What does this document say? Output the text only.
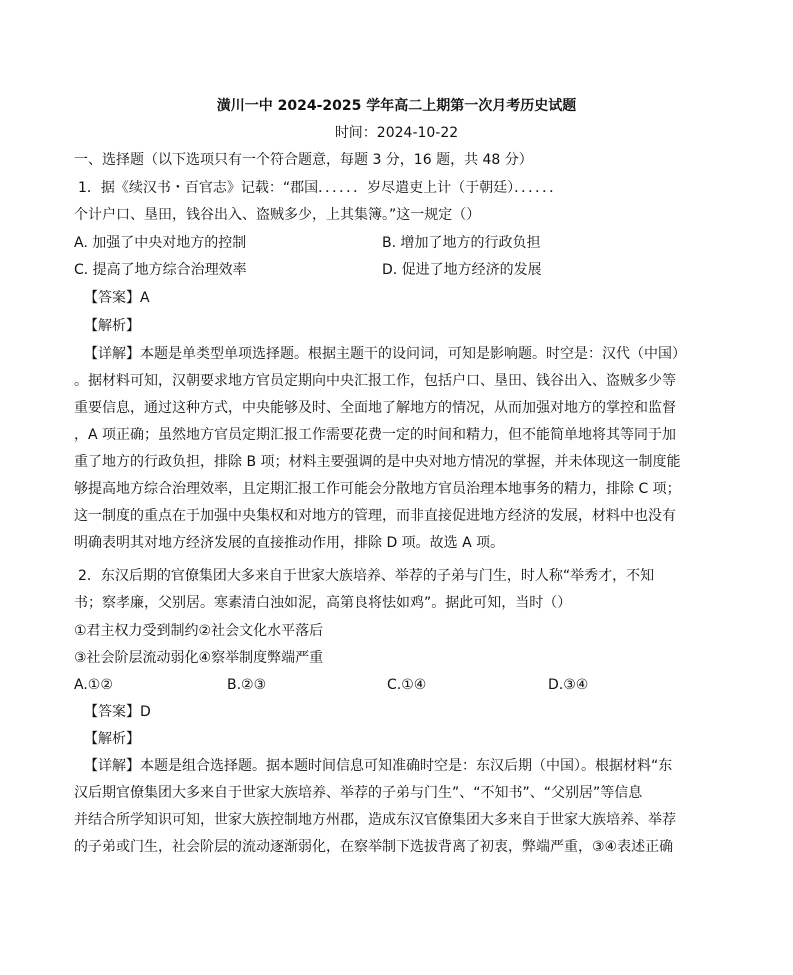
潢川一中 2024-2025 学年高二上期第一次月考历史试题
时间：2024-10-22
一、选择题（以下选项只有一个符合题意，每题 3 分，16 题，共 48 分）
1．据《续汉书・百官志》记载：“郡国．．．．．．岁尽遣吏上计（于朝廷）．．．．．．
个计户口、垦田，钱谷出入、盗贼多少，上其集簿。”这一规定（）
A. 加强了中央对地方的控制	B. 增加了地方的行政负担
C. 提高了地方综合治理效率	D. 促进了地方经济的发展
【答案】A
【解析】
【详解】本题是单类型单项选择题。根据主题干的设问词，可知是影响题。时空是：汉代（中国）
。据材料可知，汉朝要求地方官员定期向中央汇报工作，包括户口、垦田、钱谷出入、盗贼多少等
重要信息，通过这种方式，中央能够及时、全面地了解地方的情况，从而加强对地方的掌控和监督
，A 项正确；虽然地方官员定期汇报工作需要花费一定的时间和精力，但不能简单地将其等同于加
重了地方的行政负担，排除 B 项；材料主要强调的是中央对地方情况的掌握，并未体现这一制度能
够提高地方综合治理效率，且定期汇报工作可能会分散地方官员治理本地事务的精力，排除 C 项；
这一制度的重点在于加强中央集权和对地方的管理，而非直接促进地方经济的发展，材料中也没有
明确表明其对地方经济发展的直接推动作用，排除 D 项。故选 A 项。
2．东汉后期的官僚集团大多来自于世家大族培养、举荐的子弟与门生，时人称“举秀才，不知
书；察孝廉，父别居。寒素清白浊如泥，高第良将怯如鸡”。据此可知，当时（）
①君主权力受到制约②社会文化水平落后
③社会阶层流动弱化④察举制度弊端严重
A.①②	B.②③	C.①④	D.③④
【答案】D
【解析】
【详解】本题是组合选择题。据本题时间信息可知准确时空是：东汉后期（中国）。根据材料“东
汉后期官僚集团大多来自于世家大族培养、举荐的子弟与门生”、“不知书”、“父别居”等信息
并结合所学知识可知，世家大族控制地方州郡，造成东汉官僚集团大多来自于世家大族培养、举荐
的子弟或门生，社会阶层的流动逐渐弱化，在察举制下选拔背离了初衷，弊端严重，③④表述正确
